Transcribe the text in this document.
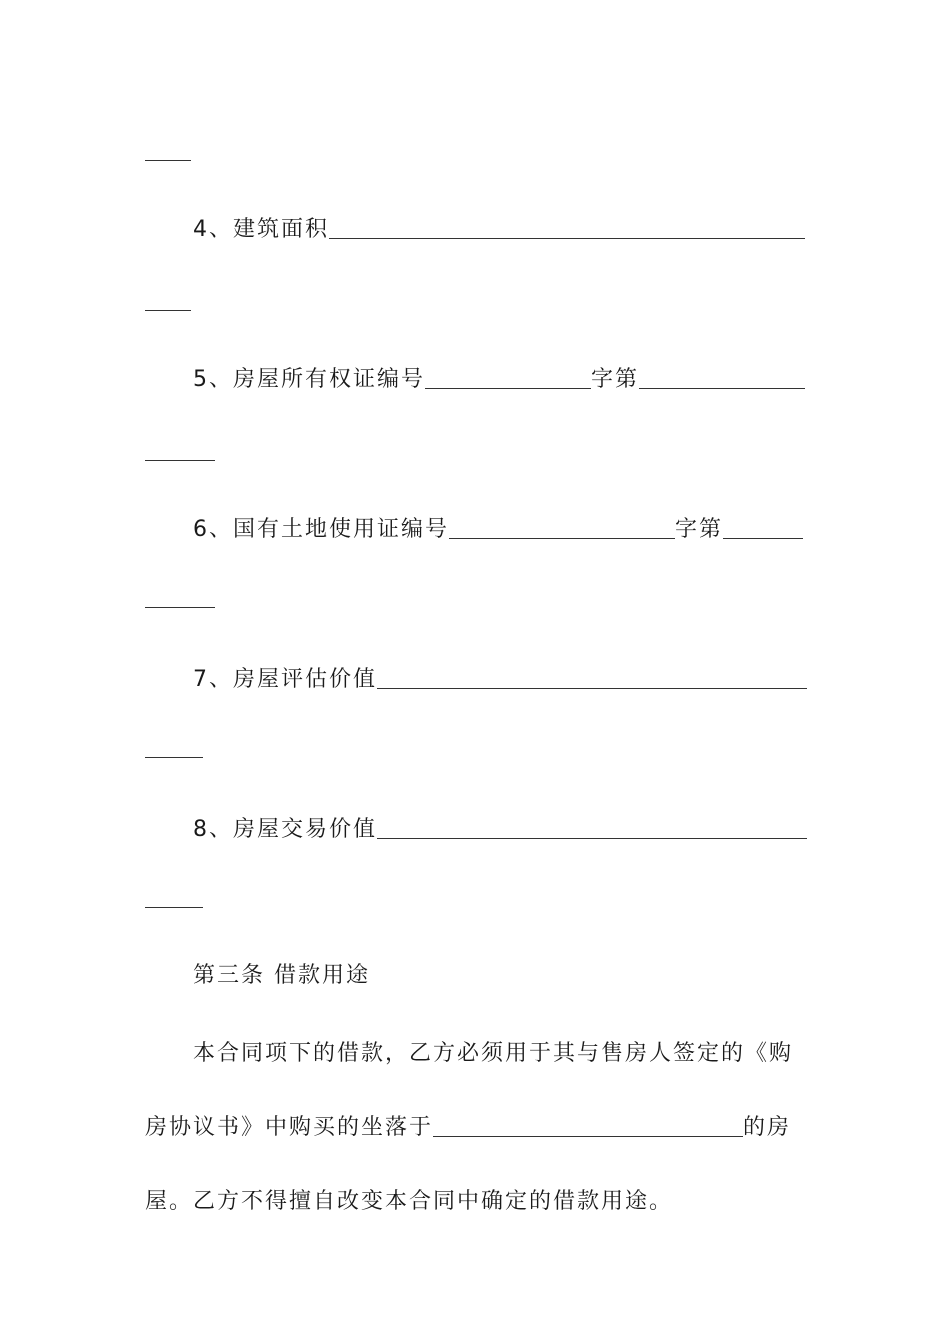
4、建筑面积
5、房屋所有权证编号	字第
6、国有土地使用证编号	字第
7、房屋评估价值
8、房屋交易价值
第三条 借款用途
本合同项下的借款，乙方必须用于其与售房人签定的《购
房协议书》中购买的坐落于	的房
屋。乙方不得擅自改变本合同中确定的借款用途。
